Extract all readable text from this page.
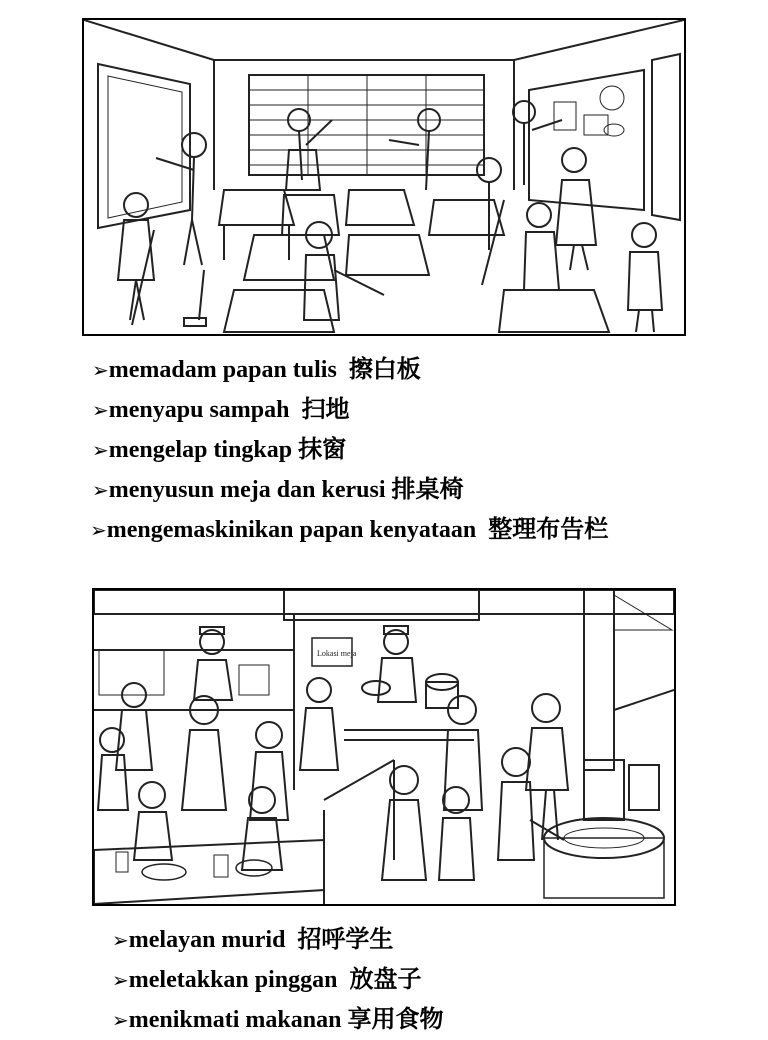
➢memadam papan tulis 擦白板
➢menyapu sampah 扫地
➢mengelap tingkap 抹窗
➢menyusun meja dan kerusi 排桌椅
➢mengemaskinikan papan kenyataan 整理布告栏
Lokasi meja
➢melayan murid 招呼学生
➢meletakkan pinggan 放盘子
➢menikmati makanan 享用食物
